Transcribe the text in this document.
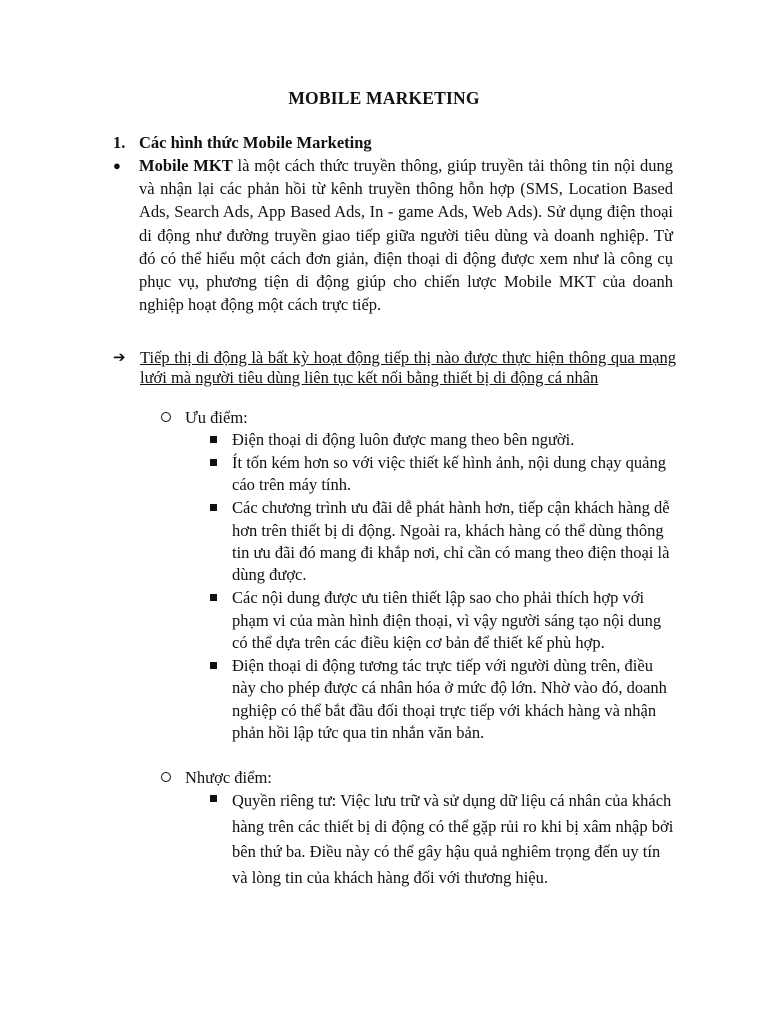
MOBILE MARKETING
1. Các hình thức Mobile Marketing
●	Mobile MKT là một cách thức truyền thông, giúp truyền tải thông tin nội dung và nhận lại các phản hồi từ kênh truyền thông hỗn hợp (SMS, Location Based Ads, Search Ads, App Based Ads, In - game Ads, Web Ads). Sử dụng điện thoại di động như đường truyền giao tiếp giữa người tiêu dùng và doanh nghiệp. Từ đó có thể hiểu một cách đơn giản, điện thoại di động được xem như là công cụ phục vụ, phương tiện di động giúp cho chiến lược Mobile MKT của doanh nghiệp hoạt động một cách trực tiếp.
➔ Tiếp thị di động là bất kỳ hoạt động tiếp thị nào được thực hiện thông qua mạng lưới mà người tiêu dùng liên tục kết nối bằng thiết bị di động cá nhân
Ưu điểm:
Điện thoại di động luôn được mang theo bên người.
Ít tốn kém hơn so với việc thiết kế hình ảnh, nội dung chạy quảng cáo trên máy tính.
Các chương trình ưu đãi dễ phát hành hơn, tiếp cận khách hàng dễ hơn trên thiết bị di động. Ngoài ra, khách hàng có thể dùng thông tin ưu đãi đó mang đi khắp nơi, chỉ cần có mang theo điện thoại là dùng được.
Các nội dung được ưu tiên thiết lập sao cho phải thích hợp với phạm vi của màn hình điện thoại, vì vậy người sáng tạo nội dung có thể dựa trên các điều kiện cơ bản để thiết kế phù hợp.
Điện thoại di động tương tác trực tiếp với người dùng trên, điều này cho phép được cá nhân hóa ở mức độ lớn. Nhờ vào đó, doanh nghiệp có thể bắt đầu đối thoại trực tiếp với khách hàng và nhận phản hồi lập tức qua tin nhắn văn bản.
Nhược điểm:
Quyền riêng tư: Việc lưu trữ và sử dụng dữ liệu cá nhân của khách hàng trên các thiết bị di động có thể gặp rủi ro khi bị xâm nhập bởi bên thứ ba. Điều này có thể gây hậu quả nghiêm trọng đến uy tín và lòng tin của khách hàng đối với thương hiệu.
